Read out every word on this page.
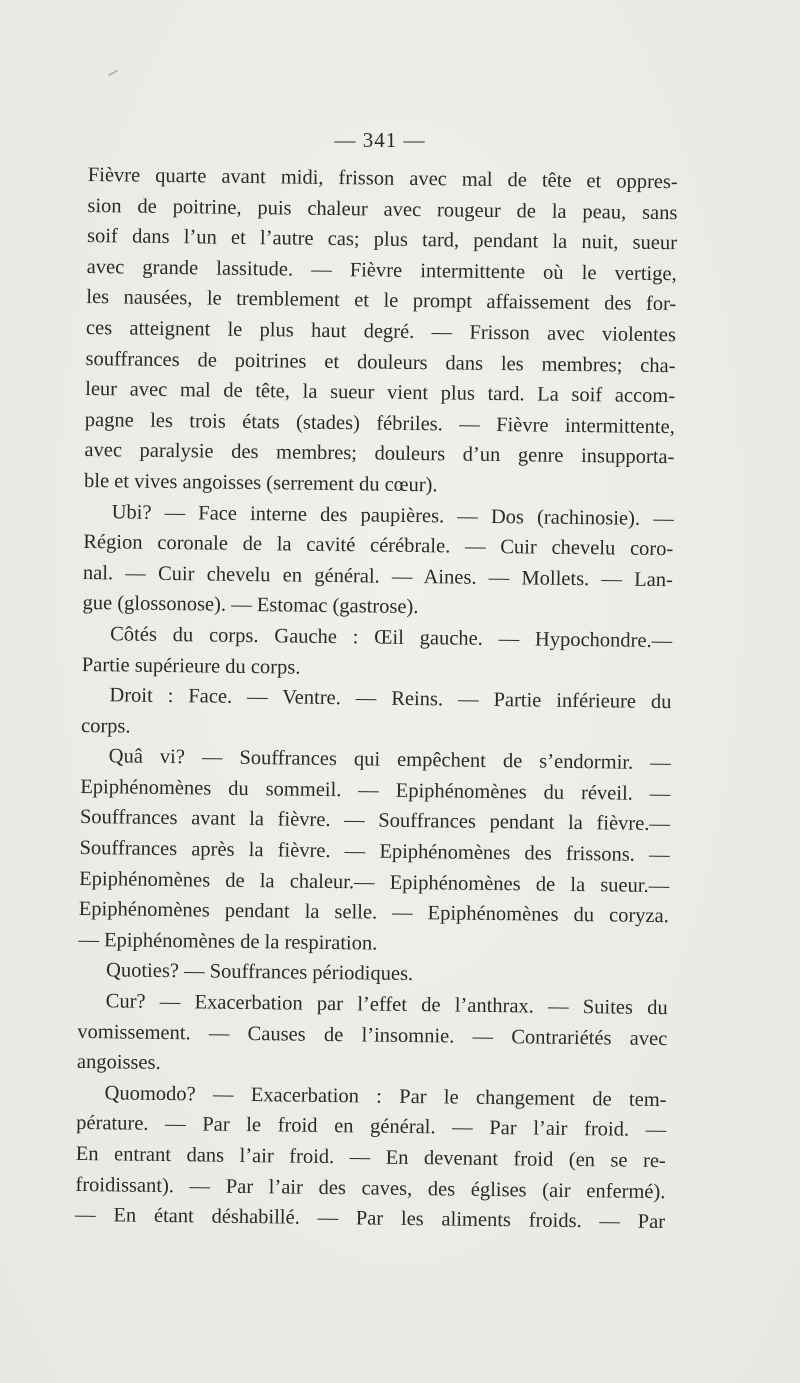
— 341 —
Fièvre quarte avant midi, frisson avec mal de tête et oppres-
sion de poitrine, puis chaleur avec rougeur de la peau, sans
soif dans l’un et l’autre cas; plus tard, pendant la nuit, sueur
avec grande lassitude. — Fièvre intermittente où le vertige,
les nausées, le tremblement et le prompt affaissement des for-
ces atteignent le plus haut degré. — Frisson avec violentes
souffrances de poitrines et douleurs dans les membres; cha-
leur avec mal de tête, la sueur vient plus tard. La soif accom-
pagne les trois états (stades) fébriles. — Fièvre intermittente,
avec paralysie des membres; douleurs d’un genre insupporta-
ble et vives angoisses (serrement du cœur).
Ubi? — Face interne des paupières. — Dos (rachinosie). —
Région coronale de la cavité cérébrale. — Cuir chevelu coro-
nal. — Cuir chevelu en général. — Aines. — Mollets. — Lan-
gue (glossonose). — Estomac (gastrose).
Côtés du corps. Gauche : Œil gauche. — Hypochondre.—
Partie supérieure du corps.
Droit : Face. — Ventre. — Reins. — Partie inférieure du
corps.
Quâ vi? — Souffrances qui empêchent de s’endormir. —
Epiphénomènes du sommeil. — Epiphénomènes du réveil. —
Souffrances avant la fièvre. — Souffrances pendant la fièvre.—
Souffrances après la fièvre. — Epiphénomènes des frissons. —
Epiphénomènes de la chaleur.— Epiphénomènes de la sueur.—
Epiphénomènes pendant la selle. — Epiphénomènes du coryza.
— Epiphénomènes de la respiration.
Quoties? — Souffrances périodiques.
Cur? — Exacerbation par l’effet de l’anthrax. — Suites du
vomissement. — Causes de l’insomnie. — Contrariétés avec
angoisses.
Quomodo? — Exacerbation : Par le changement de tem-
pérature. — Par le froid en général. — Par l’air froid. —
En entrant dans l’air froid. — En devenant froid (en se re-
froidissant). — Par l’air des caves, des églises (air enfermé).
— En étant déshabillé. — Par les aliments froids. — Par
